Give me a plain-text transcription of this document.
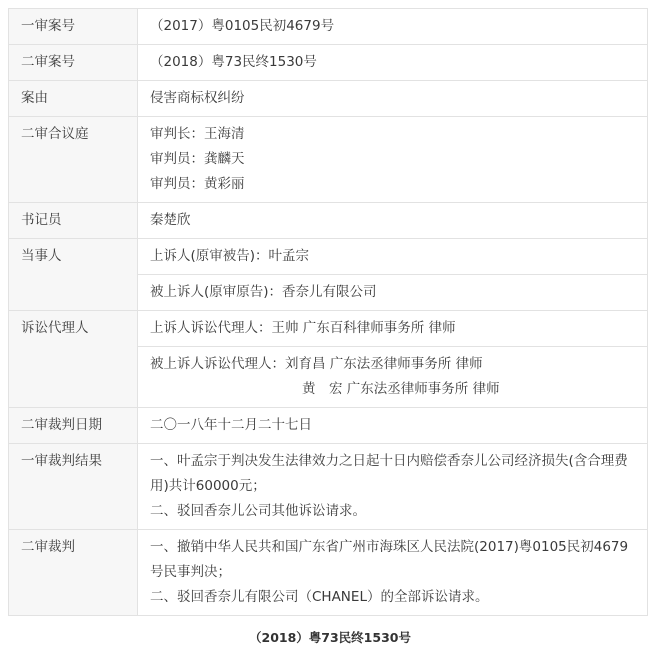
一审案号	（2017）粤0105民初4679号
二审案号	（2018）粤73民终1530号
案由	侵害商标权纠纷
二审合议庭	审判长：王海清
审判员：龚麟天
审判员：黄彩丽

书记员	秦楚欣
当事人	上诉人(原审被告)：叶孟宗
	被上诉人(原审原告)：香奈儿有限公司
诉讼代理人	上诉人诉讼代理人：王帅 广东百科律师事务所 律师

	被上诉人诉讼代理人：刘育昌 广东法丞律师事务所 律师
黄　宏 广东法丞律师事务所 律师

二审裁判日期	二〇一八年十二月二十七日
一审裁判结果	一、叶孟宗于判决发生法律效力之日起十日内赔偿香奈儿公司经济损失(含合理费用)共计60000元；
二、驳回香奈儿公司其他诉讼请求。

二审裁判	一、撤销中华人民共和国广东省广州市海珠区人民法院(2017)粤0105民初4679号民事判决；
二、驳回香奈儿有限公司（CHANEL）的全部诉讼请求。
（2018）粤73民终1530号
